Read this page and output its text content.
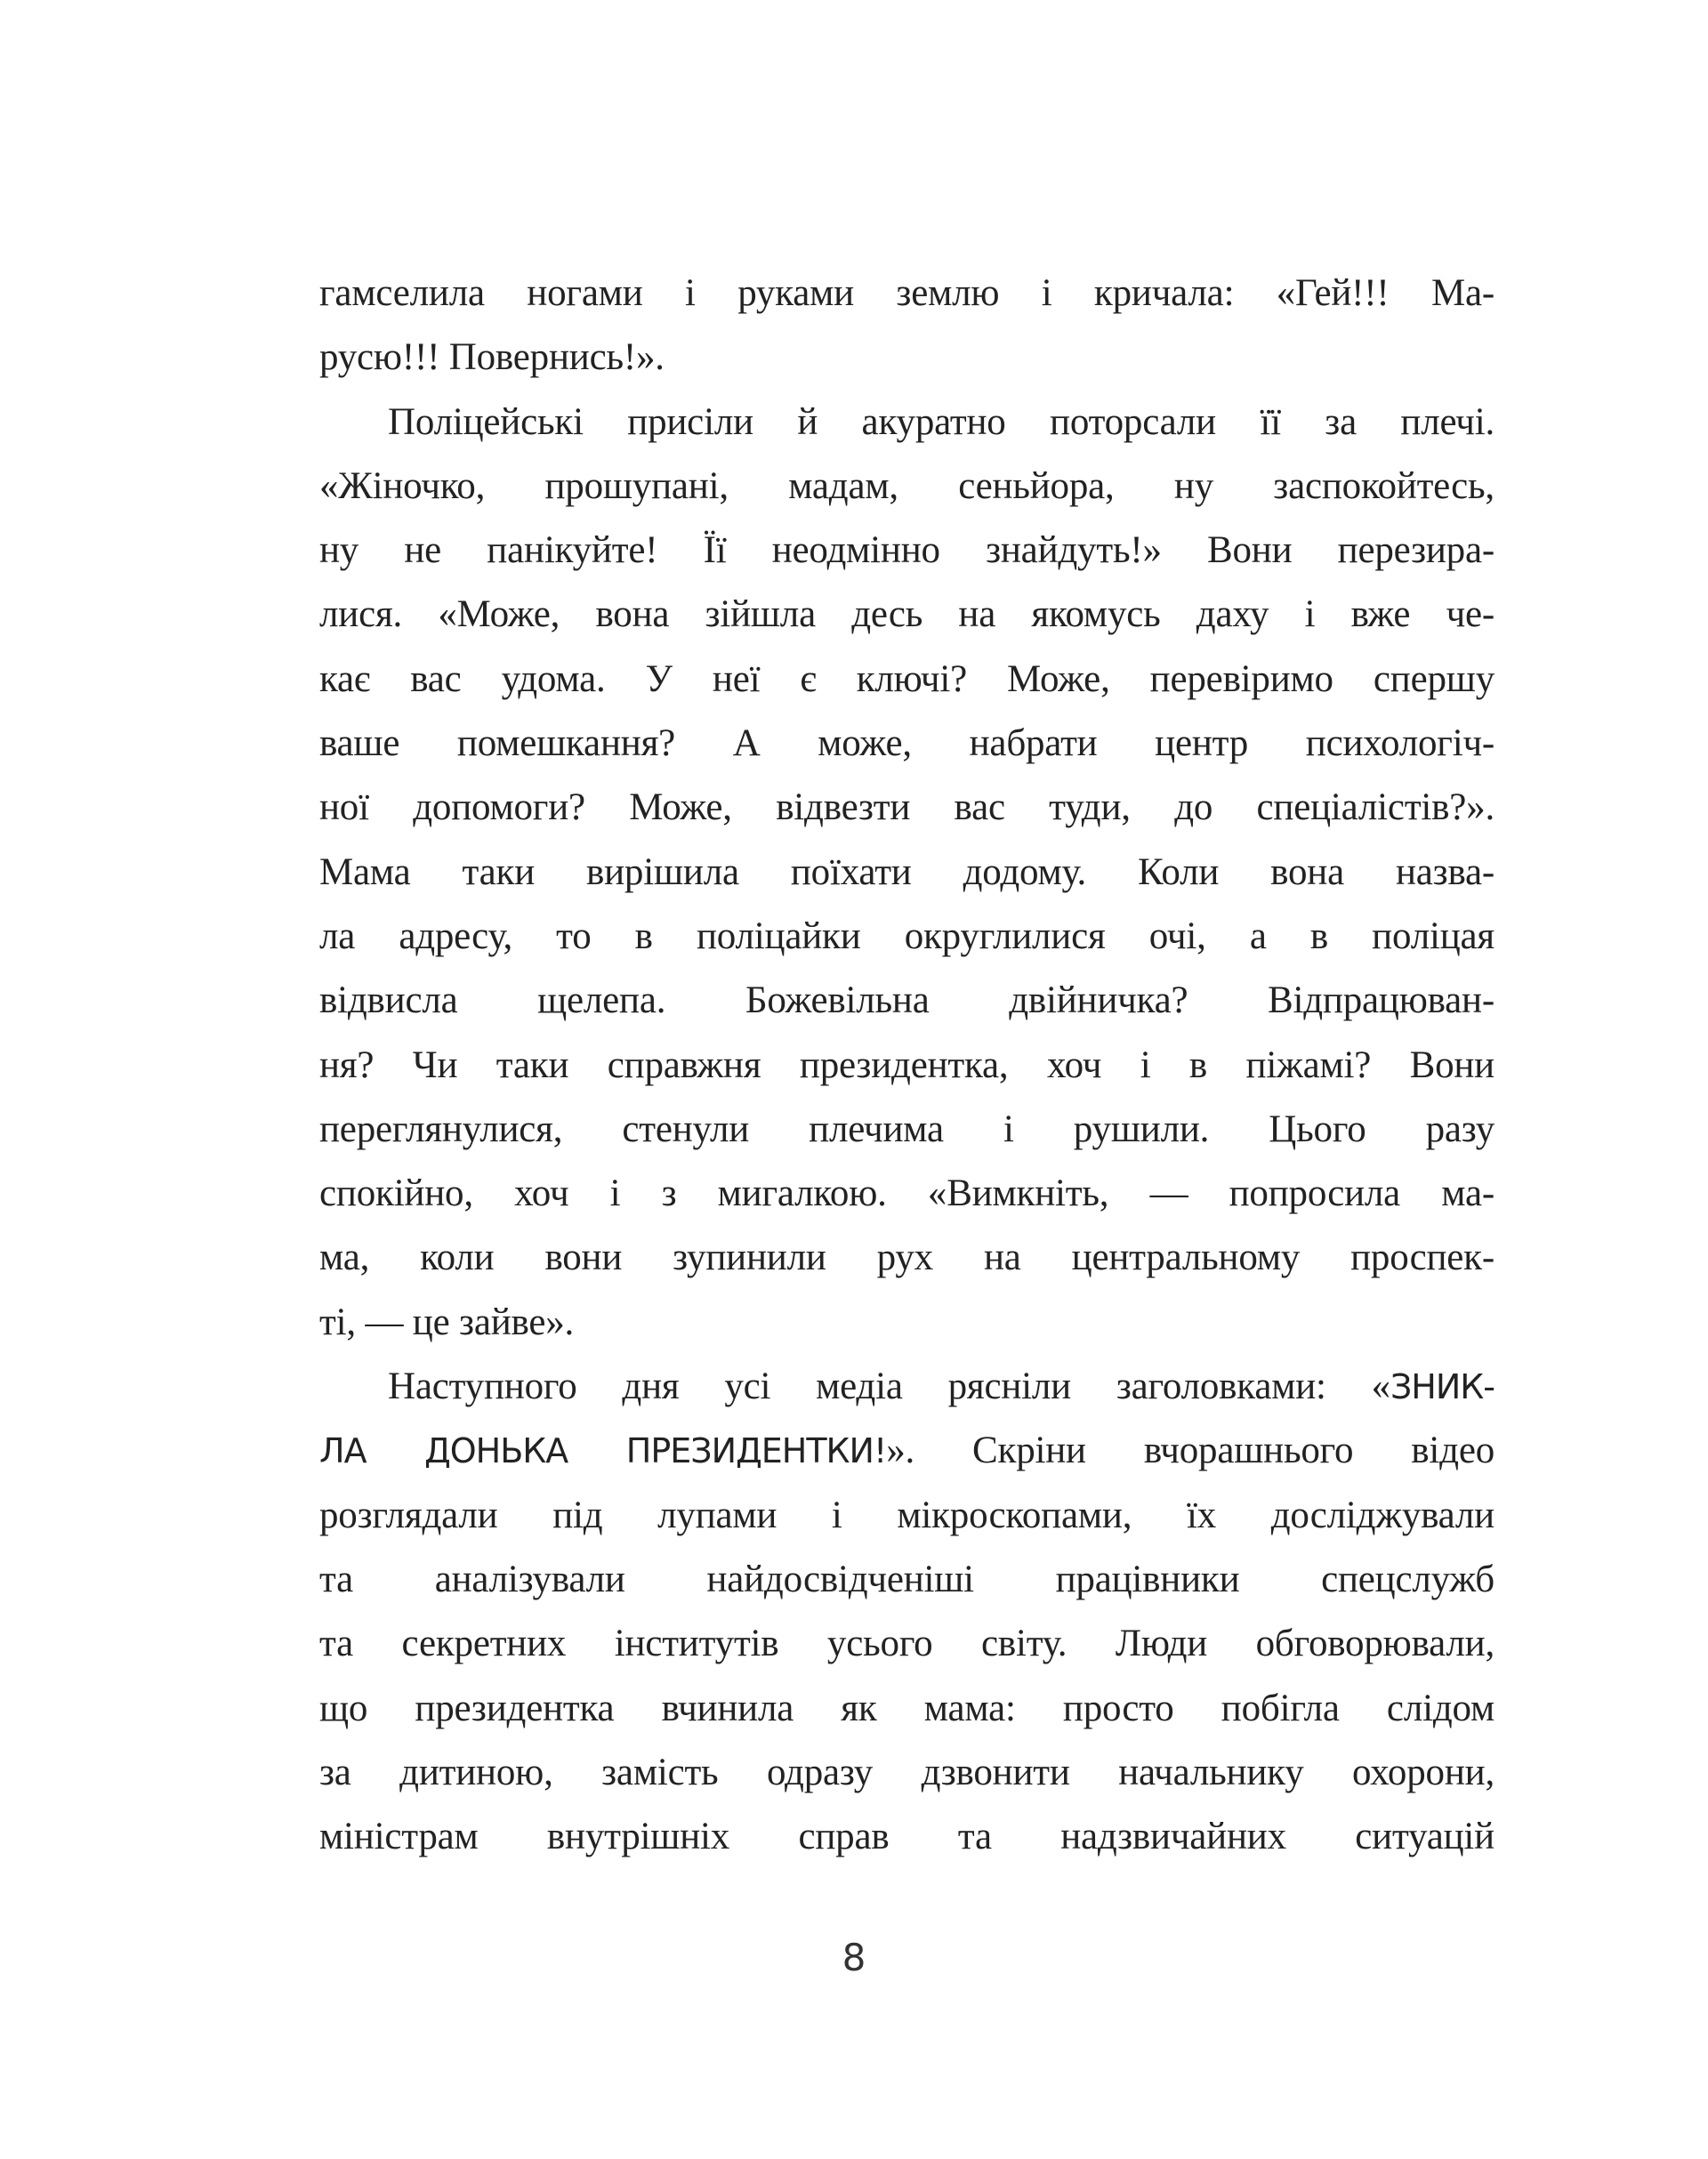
гамселила ногами і руками землю і кричала: «Гей!!! Ма-
русю!!! Повернись!».
Поліцейські присіли й акуратно поторсали її за плечі.
«Жіночко, прошупані, мадам, сеньйора, ну заспокойтесь,
ну не панікуйте! Її неодмінно знайдуть!» Вони перезира-
лися. «Може, вона зійшла десь на якомусь даху і вже че-
кає вас удома. У неї є ключі? Може, перевіримо спершу
ваше помешкання? А може, набрати центр психологіч-
ної допомоги? Може, відвезти вас туди, до спеціалістів?».
Мама таки вирішила поїхати додому. Коли вона назва-
ла адресу, то в поліцайки округлилися очі, а в поліцая
відвисла щелепа. Божевільна двійничка? Відпрацюван-
ня? Чи таки справжня президентка, хоч і в піжамі? Вони
переглянулися, стенули плечима і рушили. Цього разу
спокійно, хоч і з мигалкою. «Вимкніть, — попросила ма-
ма, коли вони зупинили рух на центральному проспек-
ті, — це зайве».
Наступного дня усі медіа рясніли заголовками: «ЗНИК-
ЛА ДОНЬКА ПРЕЗИДЕНТКИ!». Скріни вчорашнього відео
розглядали під лупами і мікроскопами, їх досліджували
та аналізували найдосвідченіші працівники спецслужб
та секретних інститутів усього світу. Люди обговорювали,
що президентка вчинила як мама: просто побігла слідом
за дитиною, замість одразу дзвонити начальнику охорони,
міністрам внутрішніх справ та надзвичайних ситуацій
8
